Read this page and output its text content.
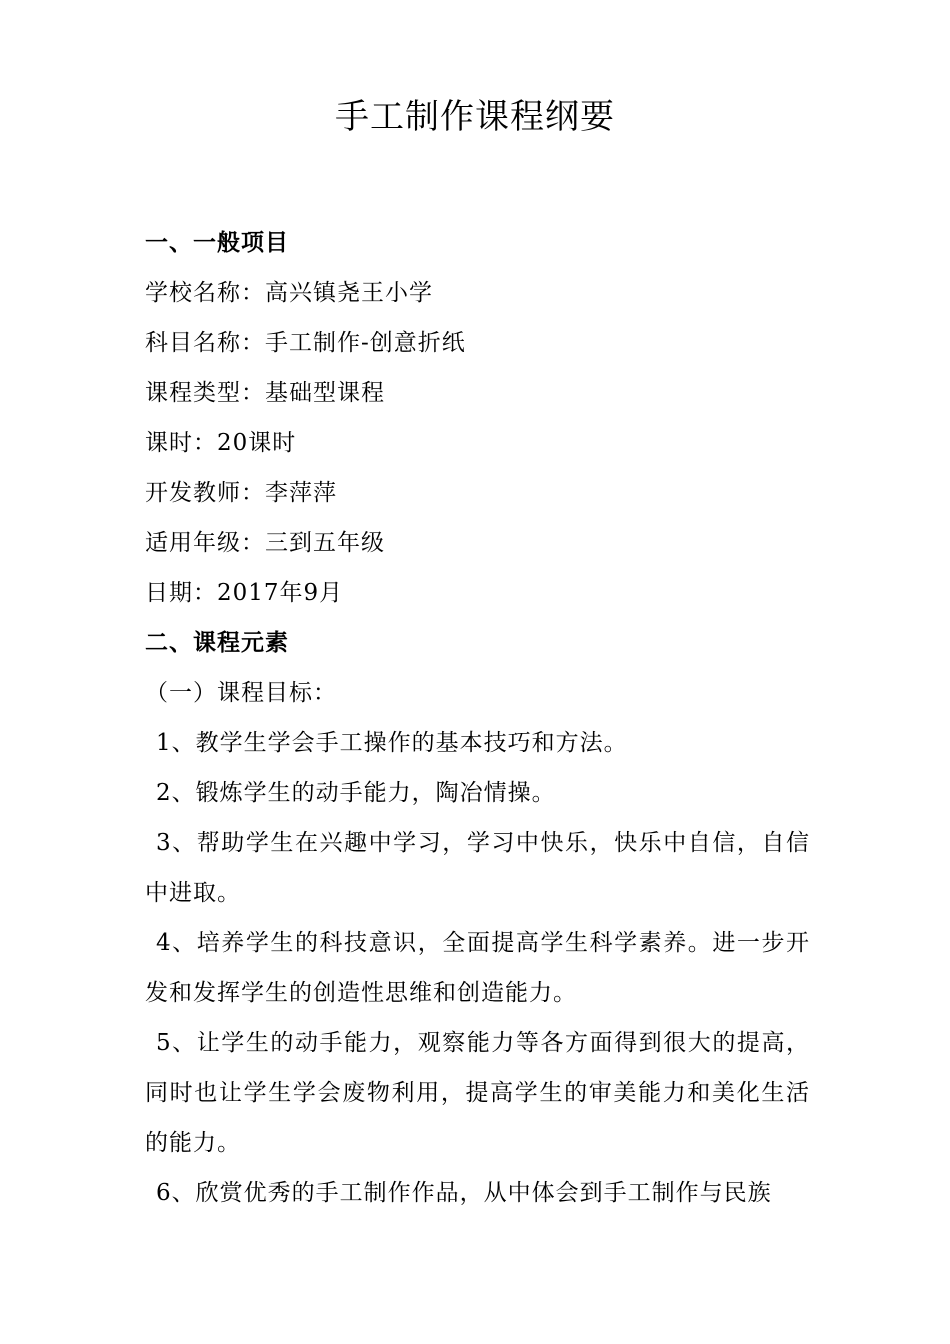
手工制作课程纲要
一、一般项目
学校名称：高兴镇尧王小学
科目名称：手工制作-创意折纸
课程类型：基础型课程
课时：20课时
开发教师：李萍萍
适用年级：三到五年级
日期：2017年9月
二、课程元素
（一）课程目标：
1、教学生学会手工操作的基本技巧和方法。
2、锻炼学生的动手能力，陶冶情操。
3、帮助学生在兴趣中学习，学习中快乐，快乐中自信，自信中进取。
4、培养学生的科技意识，全面提高学生科学素养。进一步开发和发挥学生的创造性思维和创造能力。
5、让学生的动手能力，观察能力等各方面得到很大的提高，同时也让学生学会废物利用，提高学生的审美能力和美化生活的能力。
6、欣赏优秀的手工制作作品，从中体会到手工制作与民族
